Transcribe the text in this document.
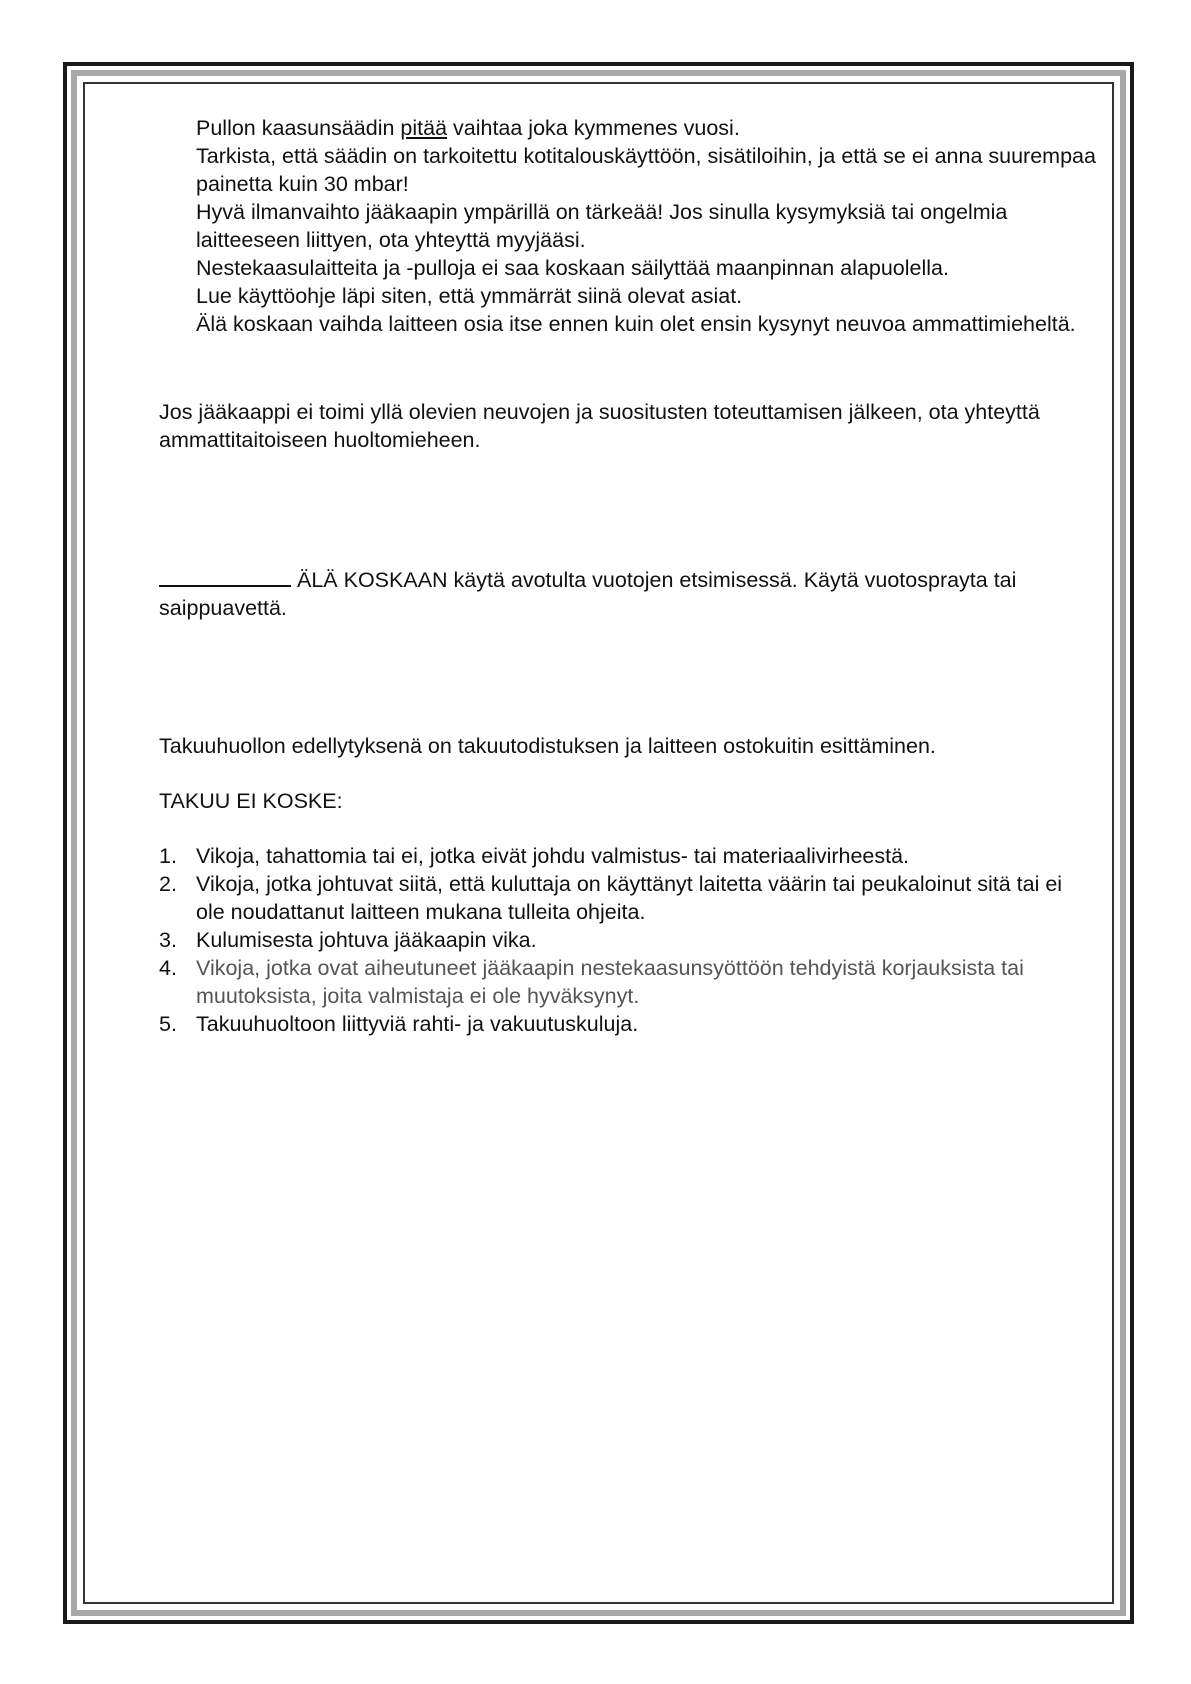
Pullon kaasunsäädin pitää vaihtaa joka kymmenes vuosi.

Tarkista, että säädin on tarkoitettu kotitalouskäyttöön, sisätiloihin, ja että se ei anna suurempaa painetta kuin 30 mbar!

Hyvä ilmanvaihto jääkaapin ympärillä on tärkeää! Jos sinulla kysymyksiä tai ongelmia laitteeseen liittyen, ota yhteyttä myyjääsi.

Nestekaasulaitteita ja -pulloja ei saa koskaan säilyttää maanpinnan alapuolella.

Lue käyttöohje läpi siten, että ymmärrät siinä olevat asiat.

Älä koskaan vaihda laitteen osia itse ennen kuin olet ensin kysynyt neuvoa ammattimieheltä.

Jos jääkaappi ei toimi yllä olevien neuvojen ja suositusten toteuttamisen jälkeen, ota yhteyttä ammattitaitoiseen huoltomieheen.

ÄLÄ KOSKAAN käytä avotulta vuotojen etsimisessä. Käytä vuotosprayta tai saippuavettä.

Takuuhuollon edellytyksenä on takuutodistuksen ja laitteen ostokuitin esittäminen.

TAKUU EI KOSKE:

1. Vikoja, tahattomia tai ei, jotka eivät johdu valmistus- tai materiaalivirheestä.
2. Vikoja, jotka johtuvat siitä, että kuluttaja on käyttänyt laitetta väärin tai peukaloinut sitä tai ei ole noudattanut laitteen mukana tulleita ohjeita.
3. Kulumisesta johtuva jääkaapin vika.
4. Vikoja, jotka ovat aiheutuneet jääkaapin nestekaasunsyöttöön tehdyistä korjauksista tai muutoksista, joita valmistaja ei ole hyväksynyt.
5. Takuuhuoltoon liittyviä rahti- ja vakuutuskuluja.
